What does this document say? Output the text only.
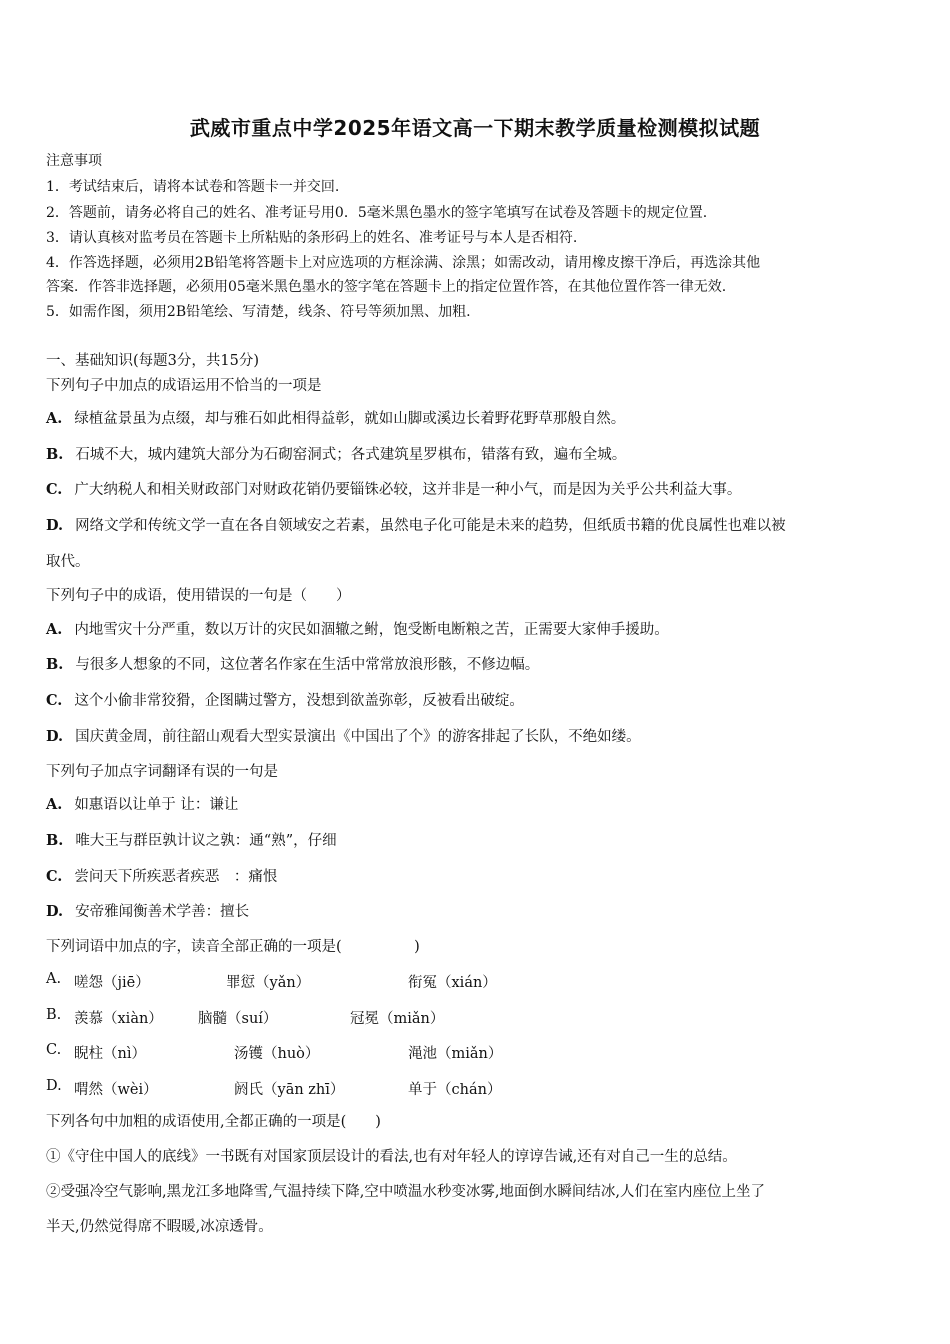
武威市重点中学2025年语文高一下期末教学质量检测模拟试题
注意事项
1．考试结束后，请将本试卷和答题卡一并交回.
2．答题前，请务必将自己的姓名、准考证号用0．5毫米黑色墨水的签字笔填写在试卷及答题卡的规定位置.
3．请认真核对监考员在答题卡上所粘贴的条形码上的姓名、准考证号与本人是否相符.
4．作答选择题，必须用2B铅笔将答题卡上对应选项的方框涂满、涂黑；如需改动，请用橡皮擦干净后，再选涂其他
答案．作答非选择题，必须用05毫米黑色墨水的签字笔在答题卡上的指定位置作答，在其他位置作答一律无效.
5．如需作图，须用2B铅笔绘、写清楚，线条、符号等须加黑、加粗.
一、基础知识(每题3分，共15分)
下列句子中加点的成语运用不恰当的一项是
A. 绿植盆景虽为点缀，却与雅石如此相得益彰，就如山脚或溪边长着野花野草那般自然。
B. 石城不大，城内建筑大部分为石砌窑洞式；各式建筑星罗棋布，错落有致，遍布全城。
C. 广大纳税人和相关财政部门对财政花销仍要锱铢必较，这并非是一种小气，而是因为关乎公共利益大事。
D. 网络文学和传统文学一直在各自领域安之若素，虽然电子化可能是未来的趋势，但纸质书籍的优良属性也难以被
取代。
下列句子中的成语，使用错误的一句是（　　）
A. 内地雪灾十分严重，数以万计的灾民如涸辙之鲋，饱受断电断粮之苦，正需要大家伸手援助。
B. 与很多人想象的不同，这位著名作家在生活中常常放浪形骸，不修边幅。
C. 这个小偷非常狡猾，企图瞒过警方，没想到欲盖弥彰，反被看出破绽。
D. 国庆黄金周，前往韶山观看大型实景演出《中国出了个》的游客排起了长队，不绝如缕。
下列句子加点字词翻译有误的一句是
A. 如惠语以让单于 让：谦让
B. 唯大王与群臣孰计议之孰：通“熟”，仔细
C. 尝问天下所疾恶者疾恶　：痛恨
D. 安帝雅闻衡善术学善：擅长
下列词语中加点的字，读音全部正确的一项是(　　　　　)
A. 嗟怨（jiē）	罪愆（yǎn）	衔冤（xián）
B. 羡慕（xiàn） 脑髓（suí）	冠冕（miǎn）
C. 睨柱（nì）	汤镬（huò）	渑池（miǎn）
D. 喟然（wèi）	阏氏（yān zhī）	单于（chán）
下列各句中加粗的成语使用,全都正确的一项是(　　)
①《守住中国人的底线》一书既有对国家顶层设计的看法,也有对年轻人的谆谆告诫,还有对自己一生的总结。
②受强冷空气影响,黑龙江多地降雪,气温持续下降,空中喷温水秒变冰雾,地面倒水瞬间结冰,人们在室内座位上坐了
半天,仍然觉得席不暇暖,冰凉透骨。
